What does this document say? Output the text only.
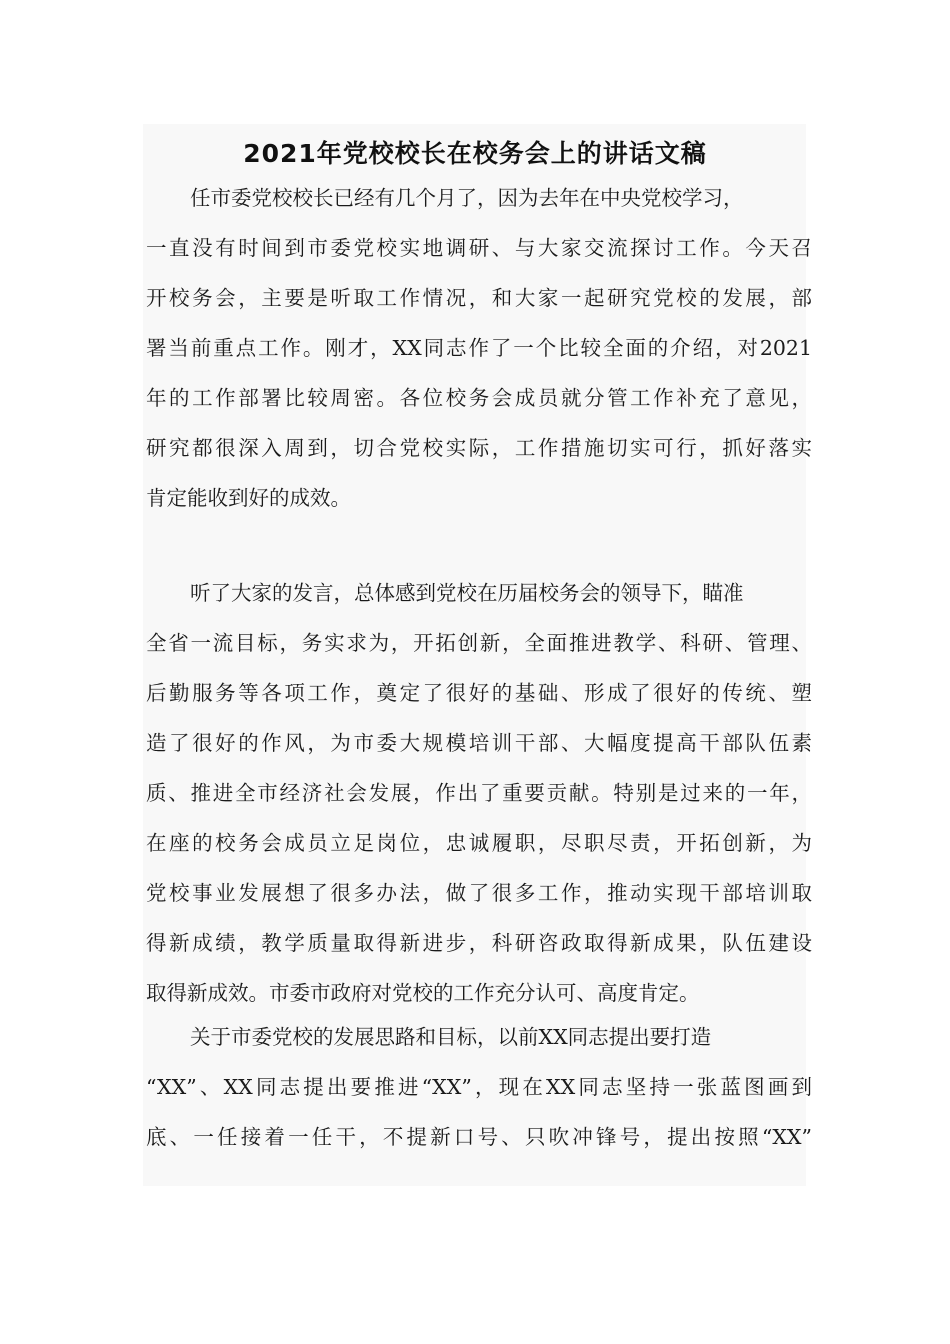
2021年党校校长在校务会上的讲话文稿
任市委党校校长已经有几个月了，因为去年在中央党校学习，
一直没有时间到市委党校实地调研、与大家交流探讨工作。今天召
开校务会，主要是听取工作情况，和大家一起研究党校的发展，部
署当前重点工作。刚才，XX同志作了一个比较全面的介绍，对2021
年的工作部署比较周密。各位校务会成员就分管工作补充了意见，
研究都很深入周到，切合党校实际，工作措施切实可行，抓好落实
肯定能收到好的成效。
听了大家的发言，总体感到党校在历届校务会的领导下，瞄准
全省一流目标，务实求为，开拓创新，全面推进教学、科研、管理、
后勤服务等各项工作，奠定了很好的基础、形成了很好的传统、塑
造了很好的作风，为市委大规模培训干部、大幅度提高干部队伍素
质、推进全市经济社会发展，作出了重要贡献。特别是过来的一年，
在座的校务会成员立足岗位，忠诚履职，尽职尽责，开拓创新，为
党校事业发展想了很多办法，做了很多工作，推动实现干部培训取
得新成绩，教学质量取得新进步，科研咨政取得新成果，队伍建设
取得新成效。市委市政府对党校的工作充分认可、高度肯定。
关于市委党校的发展思路和目标，以前XX同志提出要打造
“XX”、XX同志提出要推进“XX”，现在XX同志坚持一张蓝图画到
底、一任接着一任干，不提新口号、只吹冲锋号，提出按照“XX”
